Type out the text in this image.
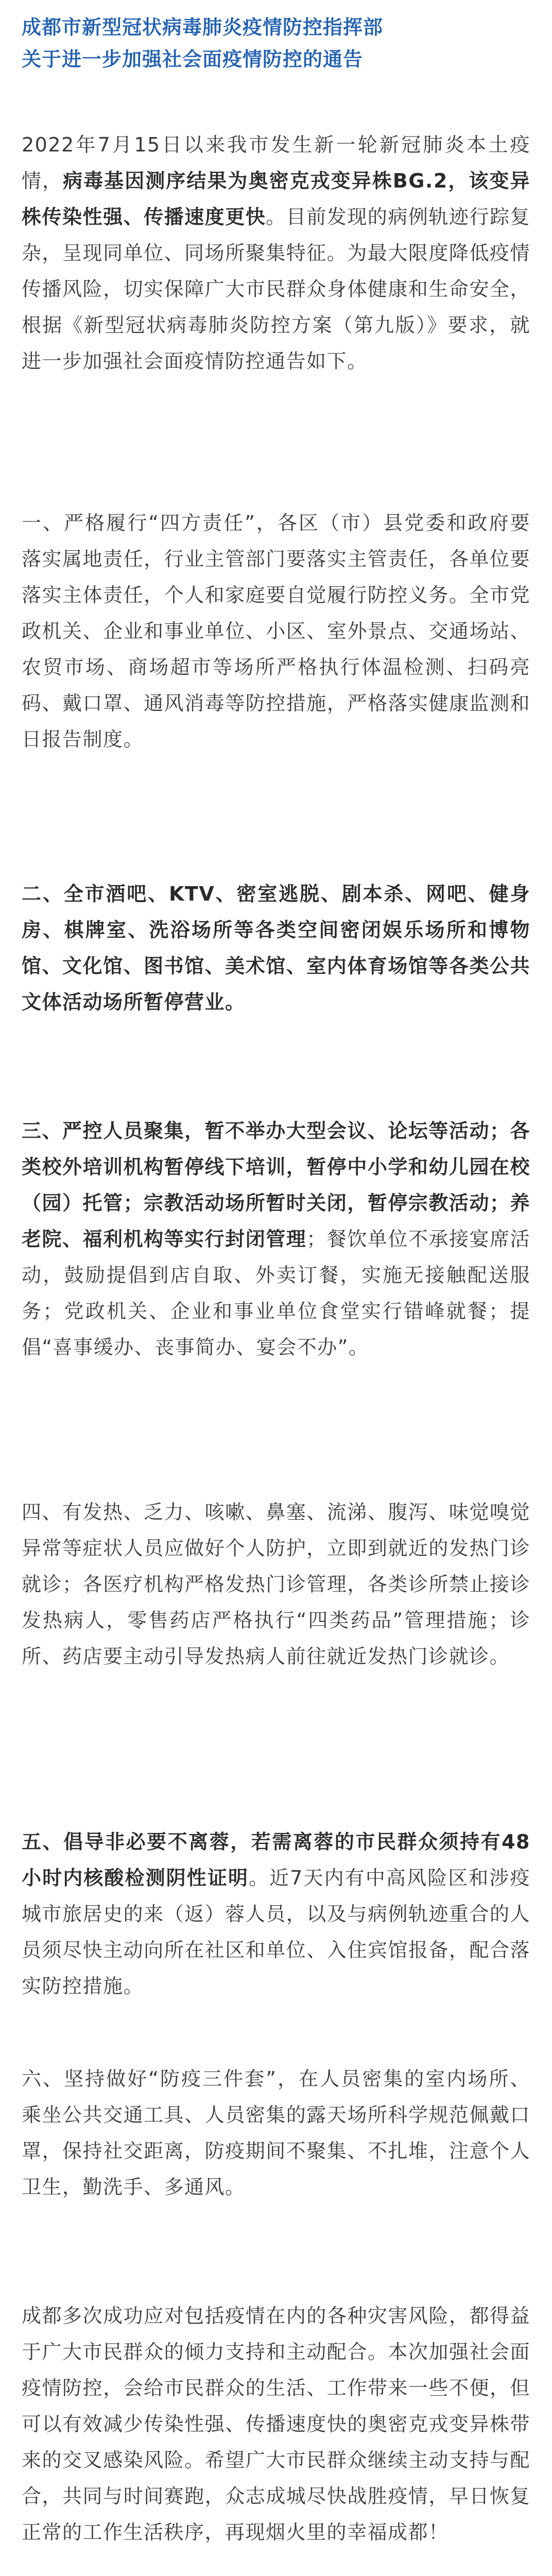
成都市新型冠状病毒肺炎疫情防控指挥部
关于进一步加强社会面疫情防控的通告

2022年7月15日以来我市发生新一轮新冠肺炎本土疫情，病毒基因测序结果为奥密克戎变异株BG.2，该变异株传染性强、传播速度更快。目前发现的病例轨迹行踪复杂，呈现同单位、同场所聚集特征。为最大限度降低疫情传播风险，切实保障广大市民群众身体健康和生命安全，根据《新型冠状病毒肺炎防控方案（第九版）》要求，就进一步加强社会面疫情防控通告如下。

一、严格履行“四方责任”，各区（市）县党委和政府要落实属地责任，行业主管部门要落实主管责任，各单位要落实主体责任，个人和家庭要自觉履行防控义务。全市党政机关、企业和事业单位、小区、室外景点、交通场站、农贸市场、商场超市等场所严格执行体温检测、扫码亮码、戴口罩、通风消毒等防控措施，严格落实健康监测和日报告制度。

二、全市酒吧、KTV、密室逃脱、剧本杀、网吧、健身房、棋牌室、洗浴场所等各类空间密闭娱乐场所和博物馆、文化馆、图书馆、美术馆、室内体育场馆等各类公共文体活动场所暂停营业。

三、严控人员聚集，暂不举办大型会议、论坛等活动；各类校外培训机构暂停线下培训，暂停中小学和幼儿园在校（园）托管；宗教活动场所暂时关闭，暂停宗教活动；养老院、福利机构等实行封闭管理；餐饮单位不承接宴席活动，鼓励提倡到店自取、外卖订餐，实施无接触配送服务；党政机关、企业和事业单位食堂实行错峰就餐；提倡“喜事缓办、丧事简办、宴会不办”。

四、有发热、乏力、咳嗽、鼻塞、流涕、腹泻、味觉嗅觉异常等症状人员应做好个人防护，立即到就近的发热门诊就诊；各医疗机构严格发热门诊管理，各类诊所禁止接诊发热病人，零售药店严格执行“四类药品”管理措施；诊所、药店要主动引导发热病人前往就近发热门诊就诊。

五、倡导非必要不离蓉，若需离蓉的市民群众须持有48小时内核酸检测阴性证明。近7天内有中高风险区和涉疫城市旅居史的来（返）蓉人员，以及与病例轨迹重合的人员须尽快主动向所在社区和单位、入住宾馆报备，配合落实防控措施。

六、坚持做好“防疫三件套”，在人员密集的室内场所、乘坐公共交通工具、人员密集的露天场所科学规范佩戴口罩，保持社交距离，防疫期间不聚集、不扎堆，注意个人卫生，勤洗手、多通风。

成都多次成功应对包括疫情在内的各种灾害风险，都得益于广大市民群众的倾力支持和主动配合。本次加强社会面疫情防控，会给市民群众的生活、工作带来一些不便，但可以有效减少传染性强、传播速度快的奥密克戎变异株带来的交叉感染风险。希望广大市民群众继续主动支持与配合，共同与时间赛跑，众志成城尽快战胜疫情，早日恢复正常的工作生活秩序，再现烟火里的幸福成都！
